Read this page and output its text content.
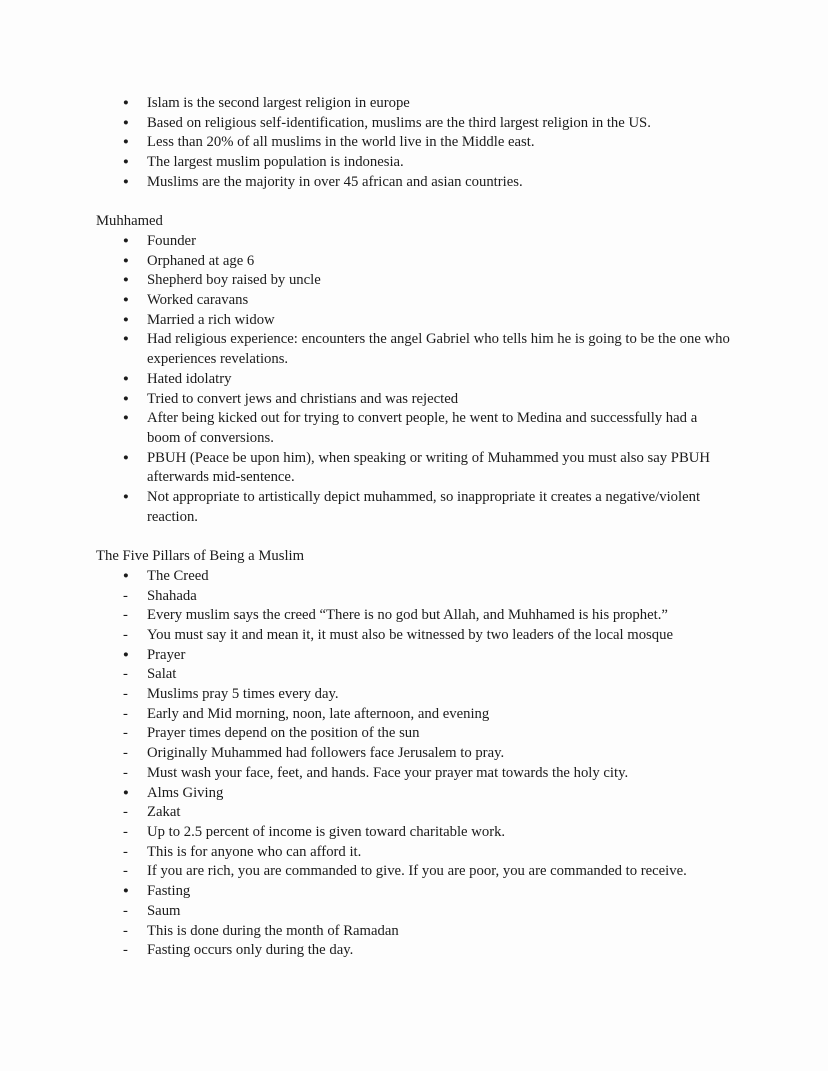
●	Islam is the second largest religion in europe
●	Based on religious self-identification, muslims are the third largest religion in the US.
●	Less than 20% of all muslims in the world live in the Middle east.
●	The largest muslim population is indonesia.
●	Muslims are the majority in over 45 african and asian countries.
Muhhamed
●	Founder
●	Orphaned at age 6
●	Shepherd boy raised by uncle
●	Worked caravans
●	Married a rich widow
●	Had religious experience: encounters the angel Gabriel who tells him he is going to be the one who experiences revelations.
●	Hated idolatry
●	Tried to convert jews and christians and was rejected
●	After being kicked out for trying to convert people, he went to Medina and successfully had a boom of conversions.
●	PBUH (Peace be upon him), when speaking or writing of Muhammed you must also say PBUH afterwards mid-sentence.
●	Not appropriate to artistically depict muhammed, so inappropriate it creates a negative/violent reaction.
The Five Pillars of Being a Muslim
●	The Creed
-	Shahada
-	Every muslim says the creed “There is no god but Allah, and Muhhamed is his prophet.”
-	You must say it and mean it, it must also be witnessed by two leaders of the local mosque
●	Prayer
-	Salat
-	Muslims pray 5 times every day.
-	Early and Mid morning, noon, late afternoon, and evening
-	Prayer times depend on the position of the sun
-	Originally Muhammed had followers face Jerusalem to pray.
-	Must wash your face, feet, and hands. Face your prayer mat towards the holy city.
●	Alms Giving
-	Zakat
-	Up to 2.5 percent of income is given toward charitable work.
-	This is for anyone who can afford it.
-	If you are rich, you are commanded to give. If you are poor, you are commanded to receive.
●	Fasting
-	Saum
-	This is done during the month of Ramadan
-	Fasting occurs only during the day.
